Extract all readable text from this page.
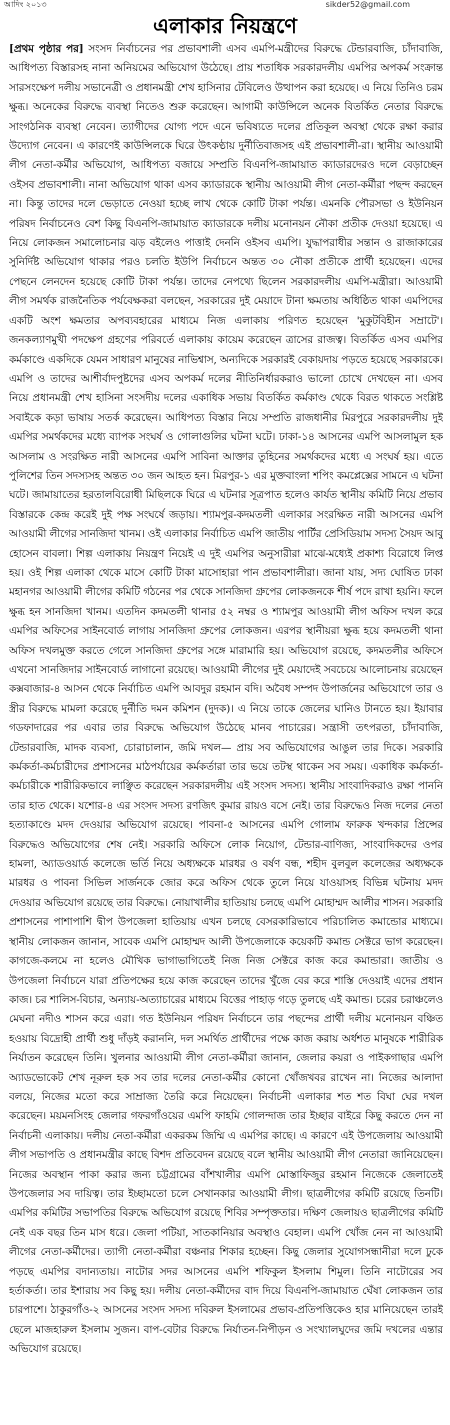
আদিং ২০১৩	sikder52@gmail.com
এলাকার নিয়ন্ত্রণে
[প্রথম পৃষ্ঠার পর] সংসদ নির্বাচনের পর প্রভাবশালী এসব এমপি-মন্ত্রীদের বিরুদ্ধে টেন্ডারবাজি, চাঁদাবাজি, আধিপত্য বিস্তারসহ নানা অনিয়মের অভিযোগ উঠেছে। প্রায় শতাধিক সরকারদলীয় এমপির অপকর্ম সংক্রান্ত সারসংক্ষেপ দলীয় সভানেত্রী ও প্রধানমন্ত্রী শেখ হাসিনার টেবিলেও উত্থাপন করা হয়েছে। এ নিয়ে তিনিও চরম ক্ষুব্ধ। অনেকের বিরুদ্ধে ব্যবস্থা নিতেও শুরু করেছেন। আগামী কাউন্সিলে অনেক বিতর্কিত নেতার বিরুদ্ধে সাংগঠনিক ব্যবস্থা নেবেন। ত্যাগীদের যোগ্য পদে এনে ভবিষ্যতে দলের প্রতিকূল অবস্থা থেকে রক্ষা করার উদ্যোগ নেবেন। এ কারণেই কাউন্সিলকে ঘিরে উৎকণ্ঠায় দুর্নীতিবাজসহ এই প্রভাবশালী-রা। স্থানীয় আওয়ামী লীগ নেতা-কর্মীর অভিযোগ, আধিপত্য বজায়ে সম্প্রতি বিএনপি-জামায়াত ক্যাডারদেরও দলে বেড়াচ্ছেন ওইসব প্রভাবশালী। নানা অভিযোগ থাকা এসব ক্যাডারকে স্থানীয় আওয়ামী লীগ নেতা-কর্মীরা পছন্দ করছেন না। কিন্তু তাদের দলে ভেড়াতে নেওয়া হচ্ছে লাখ থেকে কোটি টাকা পর্যন্ত। এমনকি পৌরসভা ও ইউনিয়ন পরিষদ নির্বাচনেও বেশ কিছু বিএনপি-জামায়াত ক্যাডারকে দলীয় মনোনয়ন নৌকা প্রতীক দেওয়া হয়েছে। এ নিয়ে লোকজন সমালোচনার ঝড় বইলেও পাত্তাই দেননি ওইসব এমপি। যুদ্ধাপরাধীর সন্তান ও রাজাকারের সুনির্দিষ্ট অভিযোগ থাকার পরও চলতি ইউপি নির্বাচনে অন্তত ৩০ নৌকা প্রতীকে প্রার্থী হয়েছেন। এদের পেছনে লেনদেন হয়েছে কোটি টাকা পর্যন্ত। তাদের নেপথ্যে ছিলেন সরকারদলীয় এমপি-মন্ত্রীরা। আওয়ামী লীগ সমর্থক রাজনৈতিক পর্যবেক্ষকরা বলছেন, সরকারের দুই মেয়াদে টানা ক্ষমতায় অধিষ্ঠিত থাকা এমপিদের একটি অংশ ক্ষমতার অপব্যবহারের মাধ্যমে নিজ এলাকায় পরিণত হয়েছেন 'মুকুটবিহীন সম্রাটে'। জনকল্যাণমুখী পদক্ষেপ গ্রহণের পরিবর্তে এলাকায় কায়েম করেছেন ত্রাসের রাজত্ব। বিতর্কিত এসব এমপির কর্মকাণ্ডে একদিকে যেমন সাধারণ মানুষের নাভিশ্বাস, অন্যদিকে সরকারই বেকায়দায় পড়তে হয়েছে সরকারকে। এমপি ও তাদের আশীর্বাদপুষ্টদের এসব অপকর্ম দলের নীতিনির্ধারকরাও ভালো চোখে দেখছেন না। এসব নিয়ে প্রধানমন্ত্রী শেখ হাসিনা সংসদীয় দলের একাধিক সভায় বিতর্কিত কর্মকাণ্ড থেকে বিরত থাকতে সংশ্লিষ্ট সবাইকে কড়া ভাষায় সতর্ক করেছেন। আধিপত্য বিস্তার নিয়ে সম্প্রতি রাজধানীর মিরপুরে সরকারদলীয় দুই এমপির সমর্থকদের মধ্যে ব্যাপক সংঘর্ষ ও গোলাগুলির ঘটনা ঘটে। ঢাকা-১৪ আসনের এমপি আসলামুল হক আসলাম ও সংরক্ষিত নারী আসনের এমপি সাবিনা আক্তার তুহিনের সমর্থকদের মধ্যে এ সংঘর্ষ হয়। এতে পুলিশের তিন সদস্যসহ অন্তত ৩০ জন আহত হন। মিরপুর-১ এর মুক্তবাংলা শপিং কমপ্লেক্সের সামনে এ ঘটনা ঘটে। জামায়াতের হরতালবিরোধী মিছিলকে ঘিরে এ ঘটনার সূত্রপাত হলেও কার্যত স্থানীয় কমিটি নিয়ে প্রভাব বিস্তারকে কেন্দ্র করেই দুই পক্ষ সংঘর্ষে জড়ায়। শ্যামপুর-কদমতলী এলাকার সংরক্ষিত নারী আসনের এমপি আওয়ামী লীগের সানজিদা খানম। ওই এলাকার নির্বাচিত এমপি জাতীয় পার্টির প্রেসিডিয়াম সদস্য সৈয়দ আবু হোসেন বাবলা। শিল্প এলাকায় নিয়ন্ত্রণ নিয়েই এ দুই এমপির অনুসারীরা মাঝে-মধ্যেই প্রকাশ্য বিরোধে লিপ্ত হয়। ওই শিল্প এলাকা থেকে মাসে কোটি টাকা মাসোহারা পান প্রভাবশালীরা। জানা যায়, সদ্য ঘোষিত ঢাকা মহানগর আওয়ামী লীগের কমিটি গঠনের পর থেকে সানজিদা গ্রুপের লোকজনকে শীর্ষ পদে রাখা হয়নি। ফলে ক্ষুব্ধ হন সানজিদা খানম। এতদিন কদমতলী থানার ৫২ নম্বর ও শ্যামপুর আওয়ামী লীগ অফিস দখল করে এমপির অফিসের সাইনবোর্ড লাগায় সানজিদা গ্রুপের লোকজন। এরপর স্থানীয়রা ক্ষুব্ধ হয়ে কদমতলী থানা অফিস দখলমুক্ত করতে গেলে সানজিদা গ্রুপের সঙ্গে মারামারি হয়। অভিযোগ রয়েছে, কদমতলীর অফিসে এখনো সানজিদার সাইনবোর্ড লাগানো রয়েছে। আওয়ামী লীগের দুই মেয়াদেই সবচেয়ে আলোচনায় রয়েছেন কক্সবাজার-৪ আসন থেকে নির্বাচিত এমপি আবদুর রহমান বদি। অবৈধ সম্পদ উপার্জনের অভিযোগে তার ও স্ত্রীর বিরুদ্ধে মামলা করেছে দুর্নীতি দমন কমিশন (দুদক)। এ নিয়ে তাকে জেলের ঘানিও টানতে হয়। ইয়াবার গডফাদারের পর এবার তার বিরুদ্ধে অভিযোগ উঠেছে মানব পাচারের। সন্ত্রাসী তৎপরতা, চাঁদাবাজি, টেন্ডারবাজি, মাদক ব্যবসা, চোরাচালান, জমি দখল— প্রায় সব অভিযোগের আঙুল তার দিকে। সরকারি কর্মকর্তা-কর্মচারীদের প্রশাসনের মাঠপর্যায়ের কর্মকর্তারা তার ভয়ে তটস্থ থাকেন সব সময়। একাধিক কর্মকর্তা-কর্মচারীকে শারীরিকভাবে লাঞ্ছিত করেছেন সরকারদলীয় এই সংসদ সদস্য। স্থানীয় সাংবাদিকরাও রক্ষা পাননি তার হাত থেকে। যশোর-৪ এর সংসদ সদস্য রণজিৎ কুমার রায়ও বসে নেই। তার বিরুদ্ধেও নিজ দলের নেতা হত্যাকাণ্ডে মদদ দেওয়ার অভিযোগ রয়েছে। পাবনা-৫ আসনের এমপি গোলাম ফারুক খন্দকার প্রিন্সের বিরুদ্ধেও অভিযোগের শেষ নেই। সরকারি অফিসে লোক নিয়োগ, টেন্ডার-বাণিজ্য, সাংবাদিকদের ওপর হামলা, অ্যাডওয়ার্ড কলেজে ভর্তি নিয়ে অধ্যক্ষকে মারধর ও বর্ষণ বন্ধ, শহীদ বুলবুল কলেজের অধ্যক্ষকে মারধর ও পাবনা সিভিল সার্জনকে জোর করে অফিস থেকে তুলে নিয়ে যাওয়াসহ বিভিন্ন ঘটনায় মদদ দেওয়ার অভিযোগ রয়েছে তার বিরুদ্ধে। নোয়াখালীর হাতিয়ায় চলছে এমপি মোহাম্মদ আলীর শাসন। সরকারি প্রশাসনের পাশাপাশি দ্বীপ উপজেলা হাতিয়ায় এখন চলছে বেসরকারিভাবে পরিচালিত কমান্ডোর মাধ্যমে। স্থানীয় লোকজন জানান, সাবেক এমপি মোহাম্মদ আলী উপজেলাকে কয়েকটি কমান্ড সেক্টরে ভাগ করেছেন। কাগজে-কলমে না হলেও মৌখিক ভাগাভাগিতেই নিজ নিজ সেক্টরে কাজ করে কমান্ডারা। জাতীয় ও উপজেলা নির্বাচনে যারা প্রতিপক্ষের হয়ে কাজ করেছেন তাদের খুঁজে বের করে শাস্তি দেওয়াই এদের প্রধান কাজ। চর শালিস-বিচার, অন্যায়-অত্যাচারের মাধ্যমে বিত্তের পাহাড় গড়ে তুলছে এই কমান্ড। চরের চরাঞ্চলেও মেঘনা নদীও শাসন করে এরা। গত ইউনিয়ন পরিষদ নির্বাচনে তার পছন্দের প্রার্থী দলীয় মনোনয়ন বঞ্চিত হওয়ায় বিদ্রোহী প্রার্থী শুধু দাঁড়ই করাননি, দল সমর্থিত প্রার্থীদের পক্ষে কাজ করায় অর্ধশত মানুষকে শারীরিক নির্যাতন করেছেন তিনি। খুলনার আওয়ামী লীগ নেতা-কর্মীরা জানান, জেলার কয়রা ও পাইকগাছার এমপি অ্যাডভোকেট শেখ নূরুল হক সব তার দলের নেতা-কর্মীর কোনো খোঁজখবর রাখেন না। নিজের আলাদা বলয়ে, নিজের মতো করে সাম্রাজ্য তৈরি করে নিয়েছেন। নির্বাচনী এলাকার শত শত বিঘা ঘের দখল করেছেন। ময়মনসিংহ জেলার গফরগাঁওয়ের এমপি ফাহমি গোলন্দাজ তার ইচ্ছার বাইরে কিছু করতে দেন না নির্বাচনী এলাকায়। দলীয় নেতা-কর্মীরা একরকম জিম্মি এ এমপির কাছে। এ কারণে এই উপজেলায় আওয়ামী লীগ সভাপতি ও প্রধানমন্ত্রীর কাছে বিশদ প্রতিবেদন রয়েছে বলে স্থানীয় আওয়ামী লীগ নেতারা জানিয়েছেন। নিজের অবস্থান পাকা করার জন্য চট্টগ্রামের বাঁশখালীর এমপি মোস্তাফিজুর রহমান নিজেকে জেলাতেই উপজেলার সব দায়িত্ব। তার ইচ্ছামতো চলে সেখানকার আওয়ামী লীগ। ছাত্রলীগের কমিটি রয়েছে তিনটি। এমপির কমিটির সভাপতির বিরুদ্ধে অভিযোগ রয়েছে শিবির সম্পৃক্ততার। দক্ষিণ জেলায়ও ছাত্রলীগের কমিটি নেই এক বছর তিন মাস ধরে। জেলা পটিয়া, সাতকানিয়ার অবস্থাও বেহাল। এমপি খোঁজ নেন না আওয়ামী লীগের নেতা-কর্মীদের। ত্যাগী নেতা-কর্মীরা বঞ্চনার শিকার হচ্ছেন। কিছু জেলার সুযোগসন্ধানীরা দলে ঢুকে পড়ছে এমপির বদান্যতায়। নাটোর সদর আসনের এমপি শফিকুল ইসলাম শিমুল। তিনি নাটোরের সব হর্তাকর্তা। তার ইশারায় সব কিছু হয়। দলীয় নেতা-কর্মীদের বাদ দিয়ে বিএনপি-জামায়াত ঘেঁষা লোকজন তার চারপাশে। ঠাকুরগাঁও-২ আসনের সংসদ সদস্য দবিরুল ইসলামের প্রভাব-প্রতিপত্তিকেও হার মানিয়েছেন তারই ছেলে মাজহারুল ইসলাম সুজন। বাপ-বেটার বিরুদ্ধে নির্যাতন-নিপীড়ন ও সংখ্যালঘুদের জমি দখলের এন্তার অভিযোগ রয়েছে।
